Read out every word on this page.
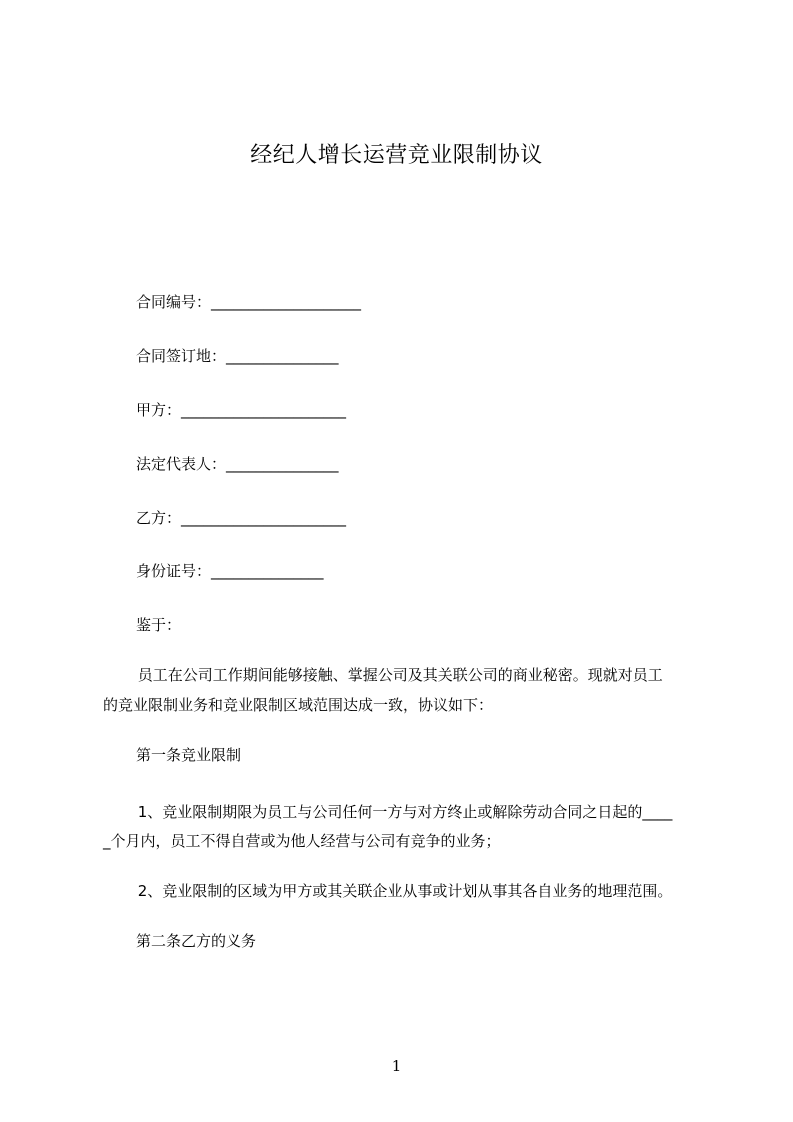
经纪人增长运营竞业限制协议
合同编号：____________________
合同签订地：_______________
甲方：______________________
法定代表人：_______________
乙方：______________________
身份证号：_______________
鉴于：
员工在公司工作期间能够接触、掌握公司及其关联公司的商业秘密。现就对员工
的竞业限制业务和竞业限制区域范围达成一致，协议如下：
第一条竞业限制
1、竞业限制期限为员工与公司任何一方与对方终止或解除劳动合同之日起的____
_个月内，员工不得自营或为他人经营与公司有竞争的业务；
2、竞业限制的区域为甲方或其关联企业从事或计划从事其各自业务的地理范围。
第二条乙方的义务
1
